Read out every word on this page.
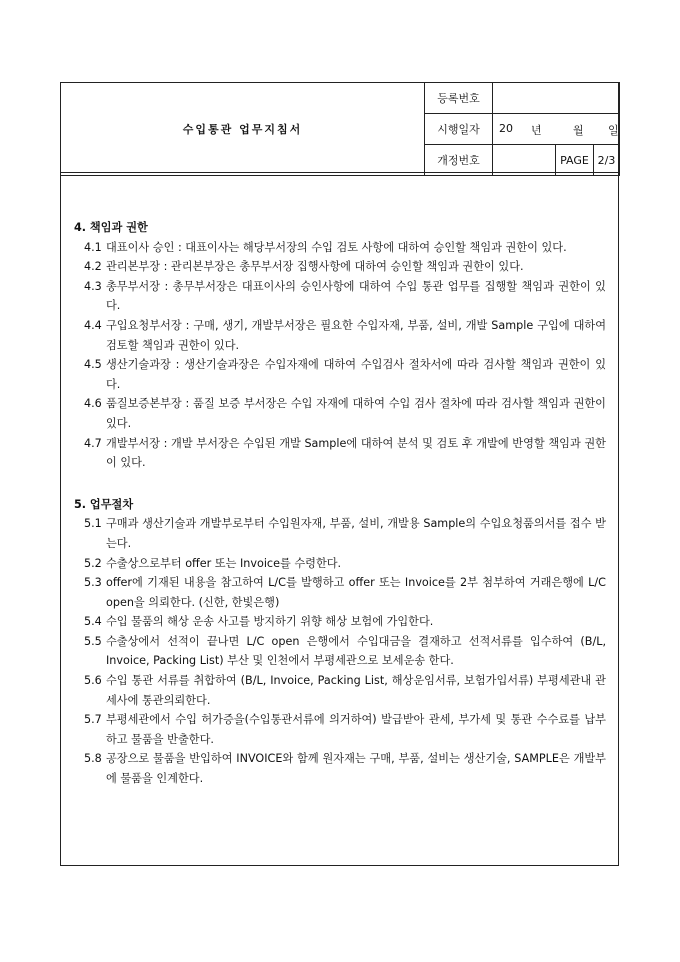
수입통관 업무지침서	등록번호			
	시행일자	20 년 월 일		

	개정번호		PAGE	2/3

4. 책임과 권한

4.1 대표이사 승인 : 대표이사는 해당부서장의 수입 검토 사항에 대하여 승인할 책임과 권한이 있다.
4.2 관리본부장 : 관리본부장은 총무부서장 집행사항에 대하여 승인할 책임과 권한이 있다.
4.3 총무부서장 : 총무부서장은 대표이사의 승인사항에 대하여 수입 통관 업무를 집행할 책임과 권한이 있다.
4.4 구입요청부서장 : 구매, 생기, 개발부서장은 필요한 수입자재, 부품, 설비, 개발 Sample 구입에 대하여 검토할 책임과 권한이 있다.
4.5 생산기술과장 : 생산기술과장은 수입자재에 대하여 수입검사 절차서에 따라 검사할 책임과 권한이 있다.
4.6 품질보증본부장 : 품질 보증 부서장은 수입 자재에 대하여 수입 검사 절차에 따라 검사할 책임과 권한이 있다.
4.7 개발부서장 : 개발 부서장은 수입된 개발 Sample에 대하여 분석 및 검토 후 개발에 반영할 책임과 권한이 있다.

5. 업무절차

5.1 구매과 생산기술과 개발부로부터 수입원자재, 부품, 설비, 개발용 Sample의 수입요청품의서를 접수 받는다.
5.2 수출상으로부터 offer 또는 Invoice를 수령한다.
5.3 offer에 기재된 내용을 참고하여 L/C를 발행하고 offer 또는 Invoice를 2부 첨부하여 거래은행에 L/C open을 의뢰한다. (신한, 한빛은행)
5.4 수입 물품의 해상 운송 사고를 방지하기 위향 해상 보험에 가입한다.
5.5 수출상에서 선적이 끝나면 L/C open 은행에서 수입대금을 결재하고 선적서류를 입수하여 (B/L, Invoice, Packing List) 부산 및 인천에서 부평세관으로 보세운송 한다.
5.6 수입 통관 서류를 취합하여 (B/L, Invoice, Packing List, 해상운임서류, 보험가입서류) 부평세관내 관세사에 통관의뢰한다.
5.7 부평세관에서 수입 허가증을(수입통관서류에 의거하여) 발급받아 관세, 부가세 및 통관 수수료를 납부하고 물품을 반출한다.
5.8 공장으로 물품을 반입하여 INVOICE와 함께 원자재는 구매, 부품, 설비는 생산기술, SAMPLE은 개발부에 물품을 인계한다.
